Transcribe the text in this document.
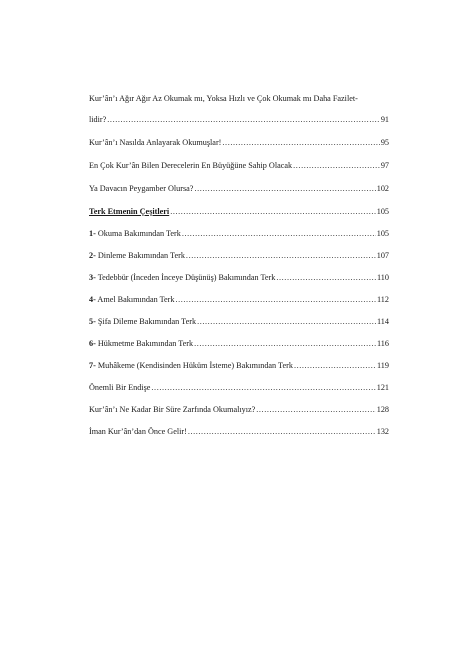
Kur’ân’ı Ağır Ağır Az Okumak mı, Yoksa Hızlı ve Çok Okumak mı Daha Fazilet-
lidir? .....	91
Kur’ân’ı Nasılda Anlayarak Okumuşlar! .....	95
En Çok Kur’ân Bilen Derecelerin En Büyüğüne Sahip Olacak .....	97
Ya Davacın Peygamber Olursa? .....	102
Terk Etmenin Çeşitleri .....	105
1- Okuma Bakımından Terk .....	105
2- Dinleme Bakımından Terk .....	107
3- Tedebbür (İnceden İnceye Düşünüş) Bakımından Terk .....	110
4- Amel Bakımından Terk .....	112
5- Şifa Dileme Bakımından Terk .....	114
6- Hükmetme Bakımından Terk .....	116
7- Muhâkeme (Kendisinden Hüküm İsteme) Bakımından Terk .....	119
Önemli Bir Endişe .....	121
Kur’ân’ı Ne Kadar Bir Süre Zarfında Okumalıyız? .....	128
İman Kur’ân’dan Önce Gelir! .....	132
